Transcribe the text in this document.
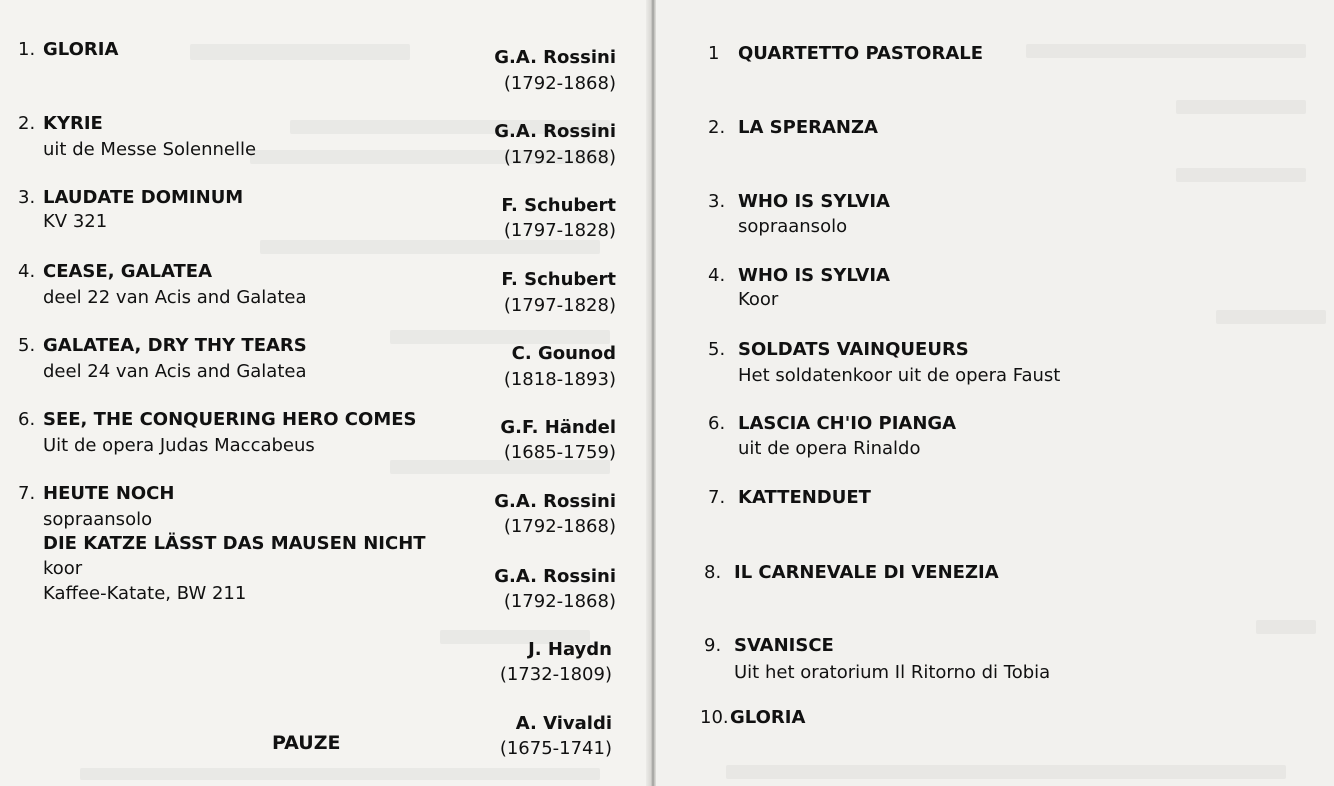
1. GLORIA
2. KYRIE
uit de Messe Solennelle
3. LAUDATE DOMINUM
KV 321
4. CEASE, GALATEA
deel 22 van Acis and Galatea
5. GALATEA, DRY THY TEARS
deel 24 van Acis and Galatea
6. SEE, THE CONQUERING HERO COMES
Uit de opera Judas Maccabeus
7. HEUTE NOCH
sopraansolo
DIE KATZE LÄSST DAS MAUSEN NICHT
koor
Kaffee-Katate, BW 211
PAUZE
1 QUARTETTO PASTORALE
G.A. Rossini
(1792-1868)
2. LA SPERANZA
G.A. Rossini
(1792-1868)
3. WHO IS SYLVIA
sopraansolo
F. Schubert
(1797-1828)
4. WHO IS SYLVIA
Koor
F. Schubert
(1797-1828)
5. SOLDATS VAINQUEURS
Het soldatenkoor uit de opera Faust
C. Gounod
(1818-1893)
6. LASCIA CH'IO PIANGA
uit de opera Rinaldo
G.F. Händel
(1685-1759)
7. KATTENDUET
G.A. Rossini
(1792-1868)
8. IL CARNEVALE DI VENEZIA
G.A. Rossini
(1792-1868)
9. SVANISCE
Uit het oratorium Il Ritorno di Tobia
J. Haydn
(1732-1809)
10. GLORIA
A. Vivaldi
(1675-1741)
